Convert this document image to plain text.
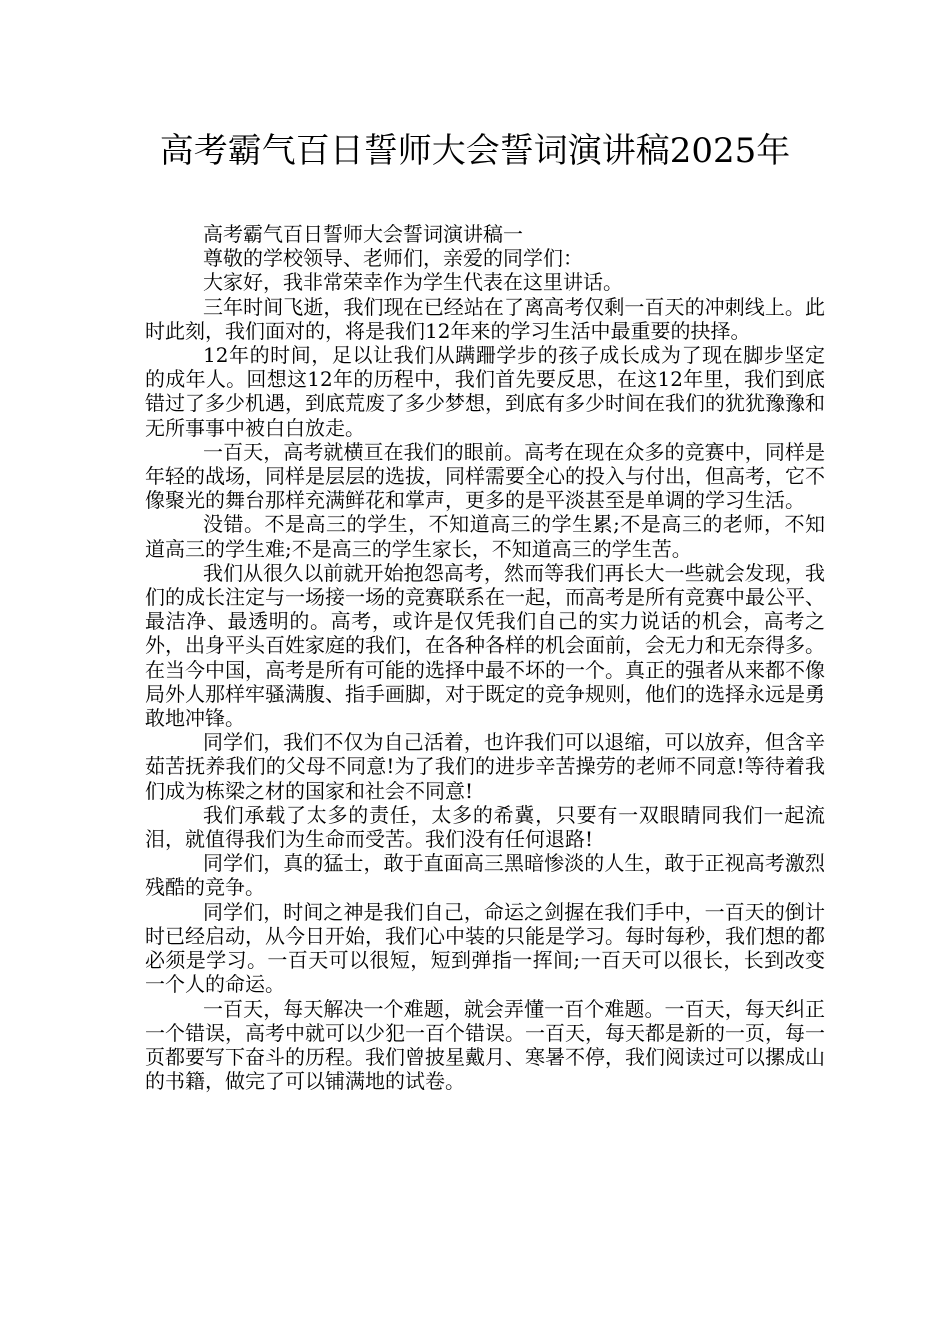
高考霸气百日誓师大会誓词演讲稿2025年

高考霸气百日誓师大会誓词演讲稿一

尊敬的学校领导、老师们，亲爱的同学们：

大家好，我非常荣幸作为学生代表在这里讲话。

三年时间飞逝，我们现在已经站在了离高考仅剩一百天的冲刺线上。此时此刻，我们面对的，将是我们12年来的学习生活中最重要的抉择。

12年的时间，足以让我们从蹒跚学步的孩子成长成为了现在脚步坚定的成年人。回想这12年的历程中，我们首先要反思，在这12年里，我们到底错过了多少机遇，到底荒废了多少梦想，到底有多少时间在我们的犹犹豫豫和无所事事中被白白放走。

一百天，高考就横亘在我们的眼前。高考在现在众多的竞赛中，同样是年轻的战场，同样是层层的选拔，同样需要全心的投入与付出，但高考，它不像聚光的舞台那样充满鲜花和掌声，更多的是平淡甚至是单调的学习生活。

没错。不是高三的学生，不知道高三的学生累;不是高三的老师，不知道高三的学生难;不是高三的学生家长，不知道高三的学生苦。

我们从很久以前就开始抱怨高考，然而等我们再长大一些就会发现，我们的成长注定与一场接一场的竞赛联系在一起，而高考是所有竞赛中最公平、最洁净、最透明的。高考，或许是仅凭我们自己的实力说话的机会，高考之外，出身平头百姓家庭的我们，在各种各样的机会面前，会无力和无奈得多。在当今中国，高考是所有可能的选择中最不坏的一个。真正的强者从来都不像局外人那样牢骚满腹、指手画脚，对于既定的竞争规则，他们的选择永远是勇敢地冲锋。

同学们，我们不仅为自己活着，也许我们可以退缩，可以放弃，但含辛茹苦抚养我们的父母不同意!为了我们的进步辛苦操劳的老师不同意!等待着我们成为栋梁之材的国家和社会不同意!

我们承载了太多的责任，太多的希冀，只要有一双眼睛同我们一起流泪，就值得我们为生命而受苦。我们没有任何退路!

同学们，真的猛士，敢于直面高三黑暗惨淡的人生，敢于正视高考激烈残酷的竞争。

同学们，时间之神是我们自己，命运之剑握在我们手中，一百天的倒计时已经启动，从今日开始，我们心中装的只能是学习。每时每秒，我们想的都必须是学习。一百天可以很短，短到弹指一挥间;一百天可以很长，长到改变一个人的命运。

一百天，每天解决一个难题，就会弄懂一百个难题。一百天，每天纠正一个错误，高考中就可以少犯一百个错误。一百天，每天都是新的一页，每一页都要写下奋斗的历程。我们曾披星戴月、寒暑不停，我们阅读过可以摞成山的书籍，做完了可以铺满地的试卷。
